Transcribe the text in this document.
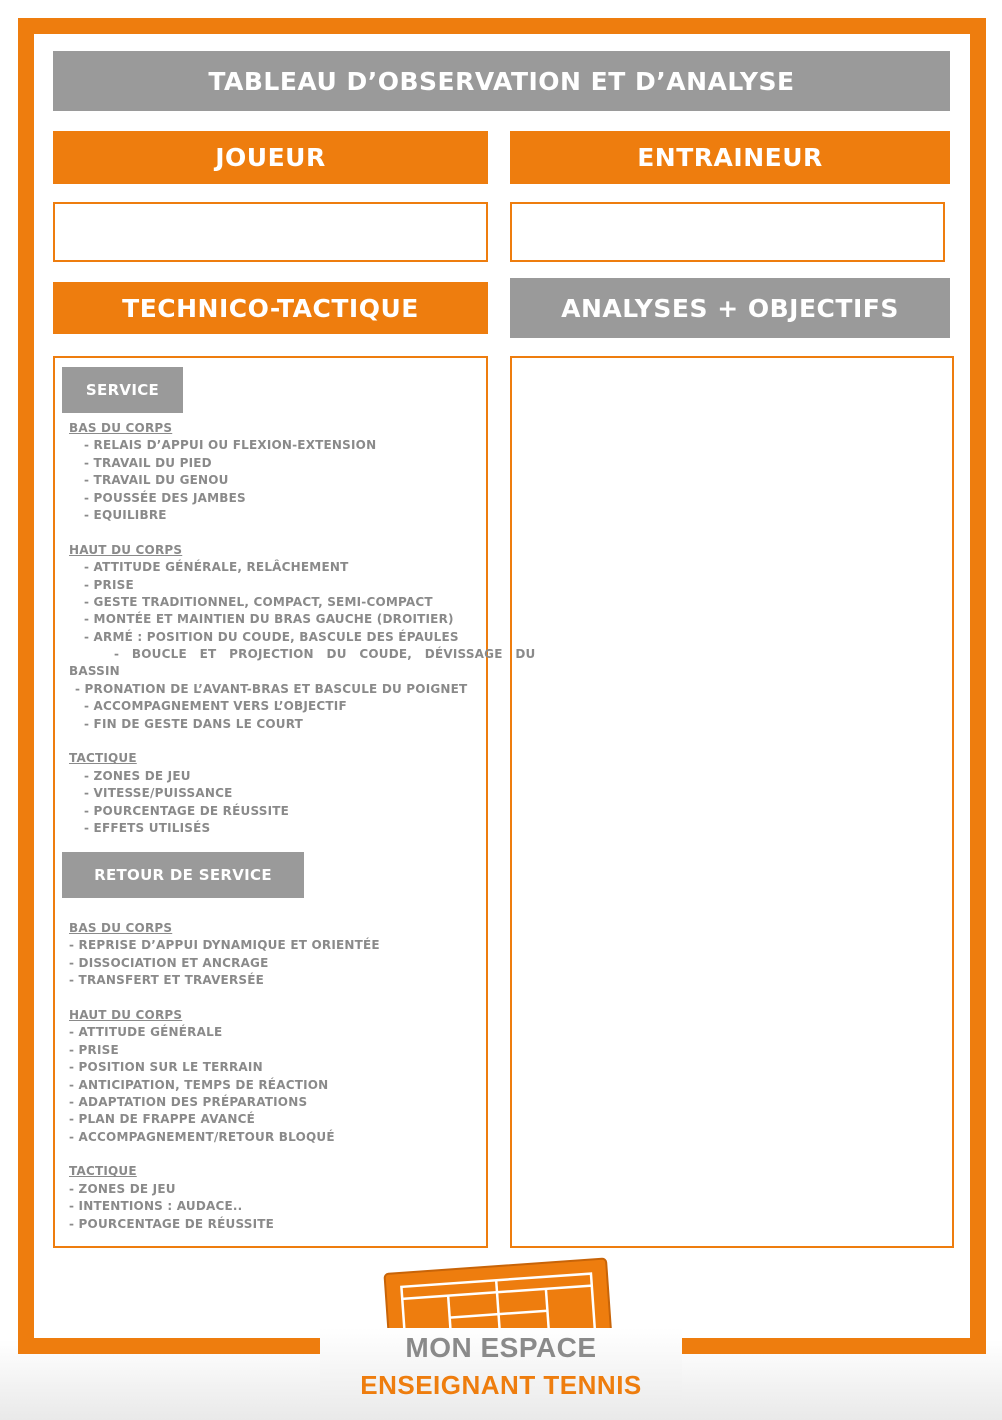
TABLEAU D’OBSERVATION ET D’ANALYSE
JOUEUR	ENTRAINEUR
TECHNICO-TACTIQUE	ANALYSES + OBJECTIFS
SERVICE
BAS DU CORPS
- RELAIS D’APPUI OU FLEXION-EXTENSION
- TRAVAIL DU PIED
- TRAVAIL DU GENOU
- POUSSÉE DES JAMBES
- EQUILIBRE
HAUT DU CORPS
- ATTITUDE GÉNÉRALE, RELÂCHEMENT
- PRISE
- GESTE TRADITIONNEL, COMPACT, SEMI-COMPACT
- MONTÉE ET MAINTIEN DU BRAS GAUCHE (DROITIER)
- ARMÉ : POSITION DU COUDE, BASCULE DES ÉPAULES
-  BOUCLE  ET  PROJECTION  DU  COUDE,  DÉVISSAGE  DU
BASSIN
- PRONATION DE L’AVANT-BRAS ET BASCULE DU POIGNET
- ACCOMPAGNEMENT VERS L’OBJECTIF
- FIN DE GESTE DANS LE COURT
TACTIQUE
- ZONES DE JEU
- VITESSE/PUISSANCE
- POURCENTAGE DE RÉUSSITE
- EFFETS UTILISÉS
RETOUR DE SERVICE
BAS DU CORPS
- REPRISE D’APPUI DYNAMIQUE ET ORIENTÉE
- DISSOCIATION ET ANCRAGE
- TRANSFERT ET TRAVERSÉE
HAUT DU CORPS
- ATTITUDE GÉNÉRALE
- PRISE
- POSITION SUR LE TERRAIN
- ANTICIPATION, TEMPS DE RÉACTION
- ADAPTATION DES PRÉPARATIONS
- PLAN DE FRAPPE AVANCÉ
- ACCOMPAGNEMENT/RETOUR BLOQUÉ
TACTIQUE
- ZONES DE JEU
- INTENTIONS : AUDACE..
- POURCENTAGE DE RÉUSSITE
MON ESPACE
ENSEIGNANT TENNIS
